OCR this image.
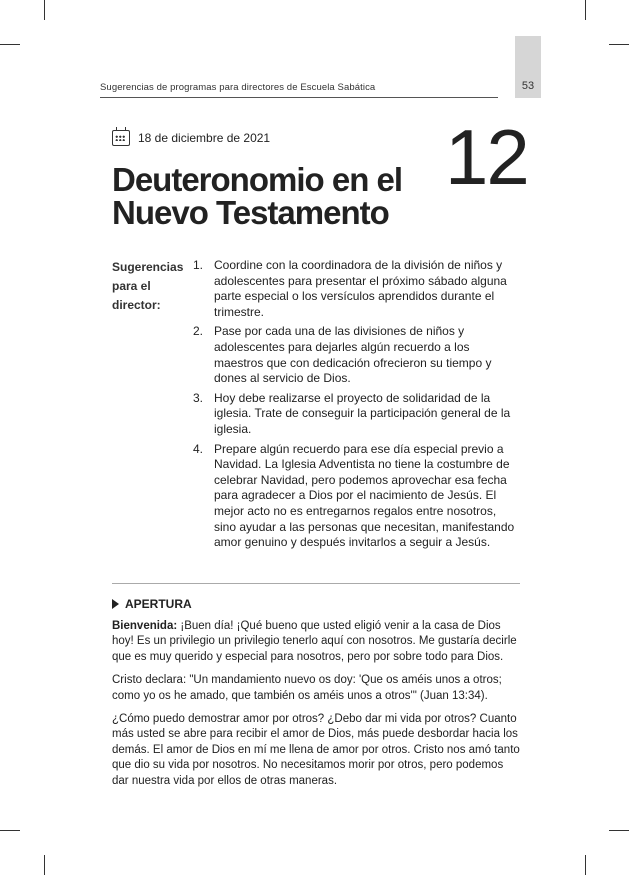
53
Sugerencias de programas para directores de Escuela Sabática
18 de diciembre de 2021 12
Deuteronomio en el
Nuevo Testamento
Sugerencias
para el
director:
1. Coordine con la coordinadora de la división de niños y adolescentes para presentar el próximo sábado alguna parte especial o los versículos aprendidos durante el trimestre.
2. Pase por cada una de las divisiones de niños y adolescentes para dejarles algún recuerdo a los maestros que con dedicación ofrecieron su tiempo y dones al servicio de Dios.
3. Hoy debe realizarse el proyecto de solidaridad de la iglesia. Trate de conseguir la participación general de la iglesia.
4. Prepare algún recuerdo para ese día especial previo a Navidad. La Iglesia Adventista no tiene la costumbre de celebrar Navidad, pero podemos aprovechar esa fecha para agradecer a Dios por el nacimiento de Jesús. El mejor acto no es entregarnos regalos entre nosotros, sino ayudar a las personas que necesitan, manifestando amor genuino y después invitarlos a seguir a Jesús.
APERTURA

Bienvenida: ¡Buen día! ¡Qué bueno que usted eligió venir a la casa de Dios hoy! Es un privilegio un privilegio tenerlo aquí con nosotros. Me gustaría decirle que es muy querido y especial para nosotros, pero por sobre todo para Dios.

Cristo declara: "Un mandamiento nuevo os doy: 'Que os améis unos a otros; como yo os he amado, que también os améis unos a otros'" (Juan 13:34).

¿Cómo puedo demostrar amor por otros? ¿Debo dar mi vida por otros? Cuanto más usted se abre para recibir el amor de Dios, más puede desbordar hacia los demás. El amor de Dios en mí me llena de amor por otros. Cristo nos amó tanto que dio su vida por nosotros. No necesitamos morir por otros, pero podemos dar nuestra vida por ellos de otras maneras.
